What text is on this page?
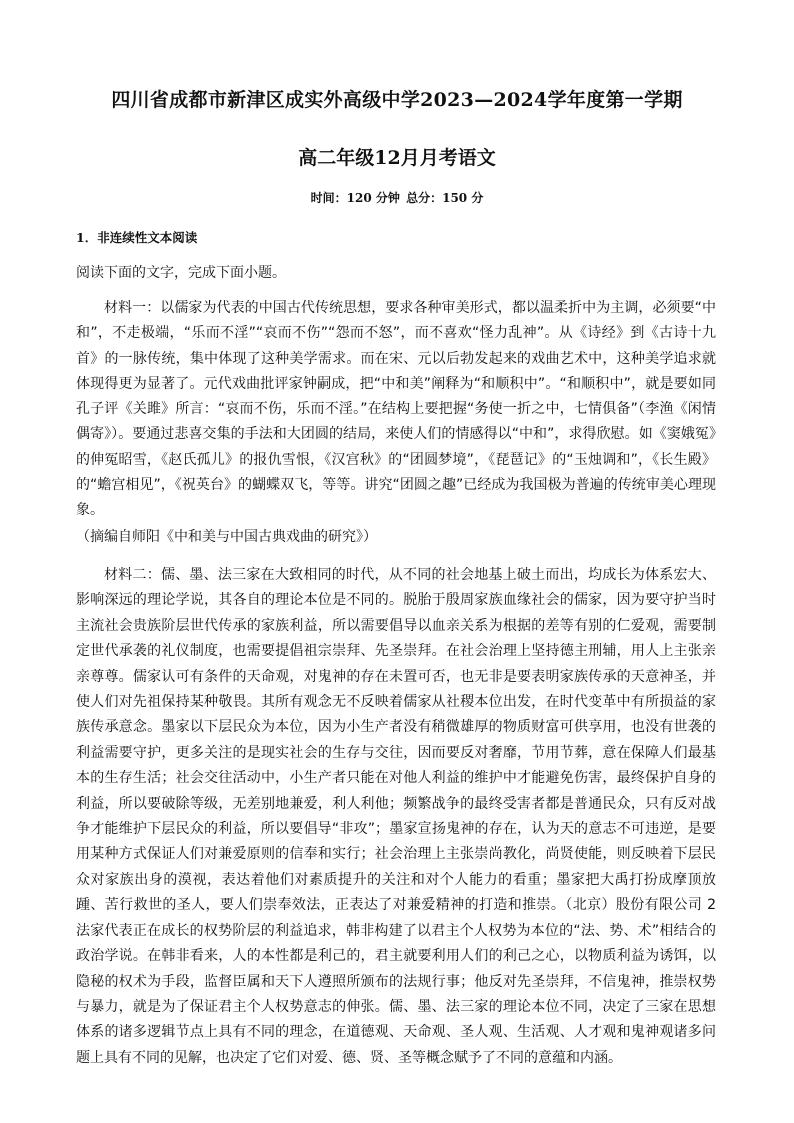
四川省成都市新津区成实外高级中学2023—2024学年度第一学期
高二年级12月月考语文
时间：120 分钟 总分：150 分
1．非连续性文本阅读
阅读下面的文字，完成下面小题。
材料一：以儒家为代表的中国古代传统思想，要求各种审美形式，都以温柔折中为主调，必须要“中和”，不走极端，“乐而不淫”“哀而不伤”“怨而不怒”，而不喜欢“怪力乱神”。从《诗经》到《古诗十九首》的一脉传统，集中体现了这种美学需求。而在宋、元以后勃发起来的戏曲艺术中，这种美学追求就体现得更为显著了。元代戏曲批评家钟嗣成，把“中和美”阐释为“和顺积中”。“和顺积中”，就是要如同孔子评《关雎》所言：“哀而不伤，乐而不淫。”在结构上要把握“务使一折之中，七情俱备”（李渔《闲情偶寄》）。要通过悲喜交集的手法和大团圆的结局，来使人们的情感得以“中和”，求得欣慰。如《窦娥冤》的伸冤昭雪，《赵氏孤儿》的报仇雪恨，《汉宫秋》的“团圆梦境”，《琵琶记》的“玉烛调和”，《长生殿》的“蟾宫相见”，《祝英台》的蝴蝶双飞，等等。讲究“团圆之趣”已经成为我国极为普遍的传统审美心理现象。
（摘编自师阳《中和美与中国古典戏曲的研究》）
材料二：儒、墨、法三家在大致相同的时代，从不同的社会地基上破土而出，均成长为体系宏大、影响深远的理论学说，其各自的理论本位是不同的。脱胎于殷周家族血缘社会的儒家，因为要守护当时主流社会贵族阶层世代传承的家族利益，所以需要倡导以血亲关系为根据的差等有别的仁爱观，需要制定世代承袭的礼仪制度，也需要提倡祖宗崇拜、先圣崇拜。在社会治理上坚持德主刑辅，用人上主张亲亲尊尊。儒家认可有条件的天命观，对鬼神的存在未置可否，也无非是要表明家族传承的天意神圣，并使人们对先祖保持某种敬畏。其所有观念无不反映着儒家从社稷本位出发，在时代变革中有所损益的家族传承意念。墨家以下层民众为本位，因为小生产者没有稍微雄厚的物质财富可供享用，也没有世袭的利益需要守护，更多关注的是现实社会的生存与交往，因而要反对奢靡，节用节葬，意在保障人们最基本的生存生活；社会交往活动中，小生产者只能在对他人利益的维护中才能避免伤害，最终保护自身的利益，所以要破除等级，无差别地兼爱，利人利他；频繁战争的最终受害者都是普通民众，只有反对战争才能维护下层民众的利益，所以要倡导“非攻”；墨家宣扬鬼神的存在，认为天的意志不可违逆，是要用某种方式保证人们对兼爱原则的信奉和实行；社会治理上主张崇尚教化，尚贤使能，则反映着下层民众对家族出身的漠视，表达着他们对素质提升的关注和对个人能力的看重；墨家把大禹打扮成摩顶放踵、苦行救世的圣人，要人们崇奉效法，正表达了对兼爱精神的打造和推崇。（北京）股份有限公司 2 法家代表正在成长的权势阶层的利益追求，韩非构建了以君主个人权势为本位的“法、势、术”相结合的政治学说。在韩非看来，人的本性都是利己的，君主就要利用人们的利己之心，以物质利益为诱饵，以隐秘的权术为手段，监督臣属和天下人遵照所颁布的法规行事；他反对先圣崇拜，不信鬼神，推崇权势与暴力，就是为了保证君主个人权势意志的伸张。儒、墨、法三家的理论本位不同，决定了三家在思想体系的诸多逻辑节点上具有不同的理念，在道德观、天命观、圣人观、生活观、人才观和鬼神观诸多问题上具有不同的见解，也决定了它们对爱、德、贤、圣等概念赋予了不同的意蕴和内涵。
